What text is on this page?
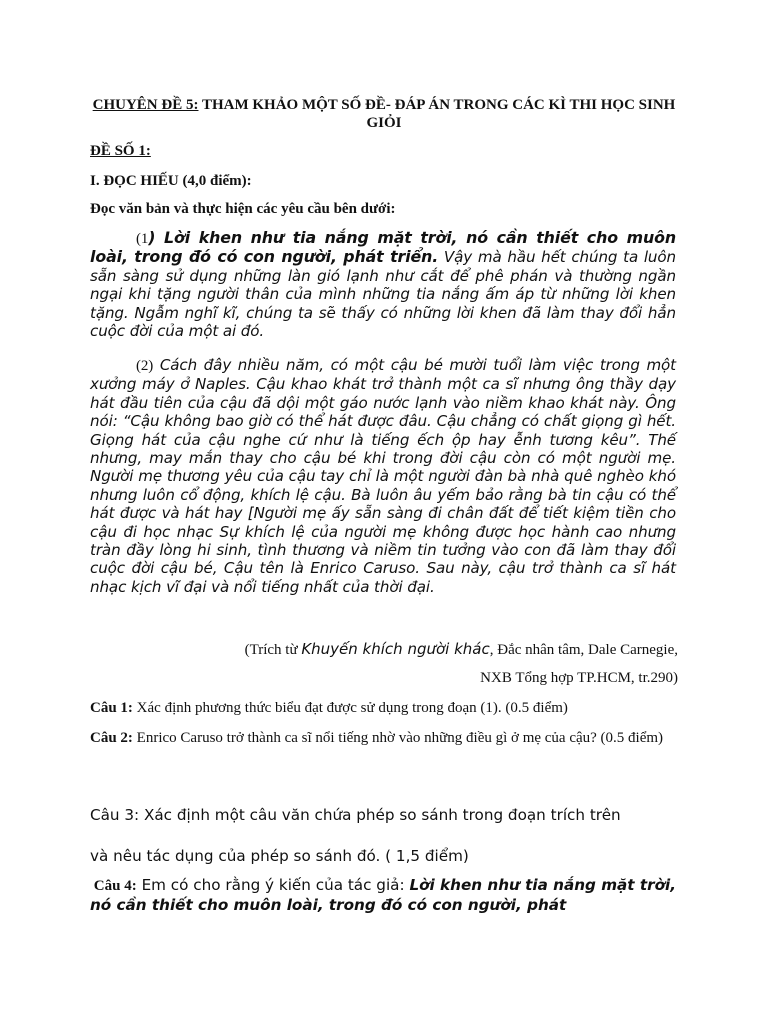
CHUYÊN ĐỀ 5: THAM KHẢO MỘT SỐ ĐỀ- ĐÁP ÁN TRONG CÁC KÌ THI HỌC SINH GIỎI
ĐỀ SỐ 1:
I. ĐỌC HIẾU (4,0 điểm):
Đọc văn bản và thực hiện các yêu cầu bên dưới:
(1) Lời khen như tia nắng mặt trời, nó cần thiết cho muôn loài, trong đó có con người, phát triển. Vậy mà hầu hết chúng ta luôn sẵn sàng sử dụng những làn gió lạnh như cắt để phê phán và thường ngần ngại khi tặng người thân của mình những tia nắng ấm áp từ những lời khen tặng. Ngẫm nghĩ kĩ, chúng ta sẽ thấy có những lời khen đã làm thay đổi hẳn cuộc đời của một ai đó.
(2) Cách đây nhiều năm, có một cậu bé mười tuổi làm việc trong một xưởng máy ở Naples. Cậu khao khát trở thành một ca sĩ nhưng ông thầy dạy hát đầu tiên của cậu đã dội một gáo nước lạnh vào niềm khao khát này. Ông nói: “Cậu không bao giờ có thể hát được đâu. Cậu chẳng có chất giọng gì hết. Giọng hát của cậu nghe cứ như là tiếng ếch ộp hay ễnh tương kêu”. Thế nhưng, may mắn thay cho cậu bé khi trong đời cậu còn có một người mẹ. Người mẹ thương yêu của cậu tay chỉ là một người đàn bà nhà quê nghèo khó nhưng luôn cổ động, khích lệ cậu. Bà luôn âu yếm bảo rằng bà tin cậu có thể hát được và hát hay [Người mẹ ấy sẵn sàng đi chân đất để tiết kiệm tiền cho cậu đi học nhạc Sự khích lệ của người mẹ không được học hành cao nhưng tràn đầy lòng hi sinh, tình thương và niềm tin tưởng vào con đã làm thay đổi cuộc đời cậu bé, Cậu tên là Enrico Caruso. Sau này, cậu trở thành ca sĩ hát nhạc kịch vĩ đại và nổi tiếng nhất của thời đại.
(Trích từ Khuyến khích người khác, Đắc nhân tâm, Dale Carnegie,
NXB Tổng hợp TP.HCM, tr.290)
Câu 1: Xác định phương thức biểu đạt được sử dụng trong đoạn (1). (0.5 điểm)
Câu 2: Enrico Caruso trở thành ca sĩ nổi tiếng nhờ vào những điều gì ở mẹ của cậu? (0.5 điểm)
Câu 3: Xác định một câu văn chứa phép so sánh trong đoạn trích trên
và nêu tác dụng của phép so sánh đó. ( 1,5 điểm)
Câu 4: Em có cho rằng ý kiến của tác giả: Lời khen như tia nắng mặt trời, nó cần thiết cho muôn loài, trong đó có con người, phát
